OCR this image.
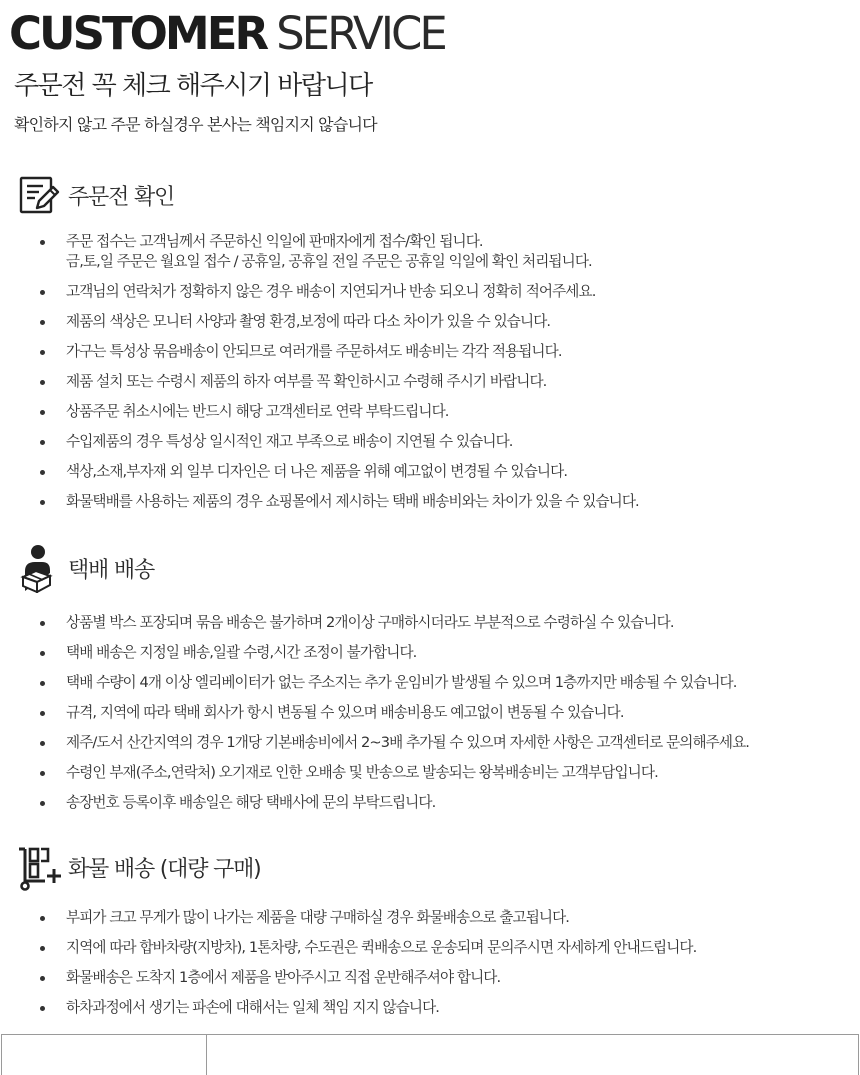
CUSTOMER SERVICE
주문전 꼭 체크 해주시기 바랍니다
확인하지 않고 주문 하실경우 본사는 책임지지 않습니다
주문전 확인
주문 접수는 고객님께서 주문하신 익일에 판매자에게 접수/확인 됩니다.
금,토,일 주문은 월요일 접수 / 공휴일, 공휴일 전일 주문은 공휴일 익일에 확인 처리됩니다.
고객님의 연락처가 정확하지 않은 경우 배송이 지연되거나 반송 되오니 정확히 적어주세요.
제품의 색상은 모니터 사양과 촬영 환경,보정에 따라 다소 차이가 있을 수 있습니다.
가구는 특성상 묶음배송이 안되므로 여러개를 주문하셔도 배송비는 각각 적용됩니다.
제품 설치 또는 수령시 제품의 하자 여부를 꼭 확인하시고 수령해 주시기 바랍니다.
상품주문 취소시에는 반드시 해당 고객센터로 연락 부탁드립니다.
수입제품의 경우 특성상 일시적인 재고 부족으로 배송이 지연될 수 있습니다.
색상,소재,부자재 외 일부 디자인은 더 나은 제품을 위해 예고없이 변경될 수 있습니다.
화물택배를 사용하는 제품의 경우 쇼핑몰에서 제시하는 택배 배송비와는 차이가 있을 수 있습니다.
택배 배송
상품별 박스 포장되며 묶음 배송은 불가하며 2개이상 구매하시더라도 부분적으로 수령하실 수 있습니다.
택배 배송은 지정일 배송,일괄 수령,시간 조정이 불가합니다.
택배 수량이 4개 이상 엘리베이터가 없는 주소지는 추가 운임비가 발생될 수 있으며 1층까지만 배송될 수 있습니다.
규격, 지역에 따라 택배 회사가 항시 변동될 수 있으며 배송비용도 예고없이 변동될 수 있습니다.
제주/도서 산간지역의 경우 1개당 기본배송비에서 2~3배 추가될 수 있으며 자세한 사항은 고객센터로 문의해주세요.
수령인 부재(주소,연락처) 오기재로 인한 오배송 및 반송으로 발송되는 왕복배송비는 고객부담입니다.
송장번호 등록이후 배송일은 해당 택배사에 문의 부탁드립니다.
화물 배송 (대량 구매)
부피가 크고 무게가 많이 나가는 제품을 대량 구매하실 경우 화물배송으로 출고됩니다.
지역에 따라 합바차량(지방차), 1톤차량, 수도권은 퀵배송으로 운송되며 문의주시면 자세하게 안내드립니다.
화물배송은 도착지 1층에서 제품을 받아주시고 직접 운반해주셔야 합니다.
하차과정에서 생기는 파손에 대해서는 일체 책임 지지 않습니다.
